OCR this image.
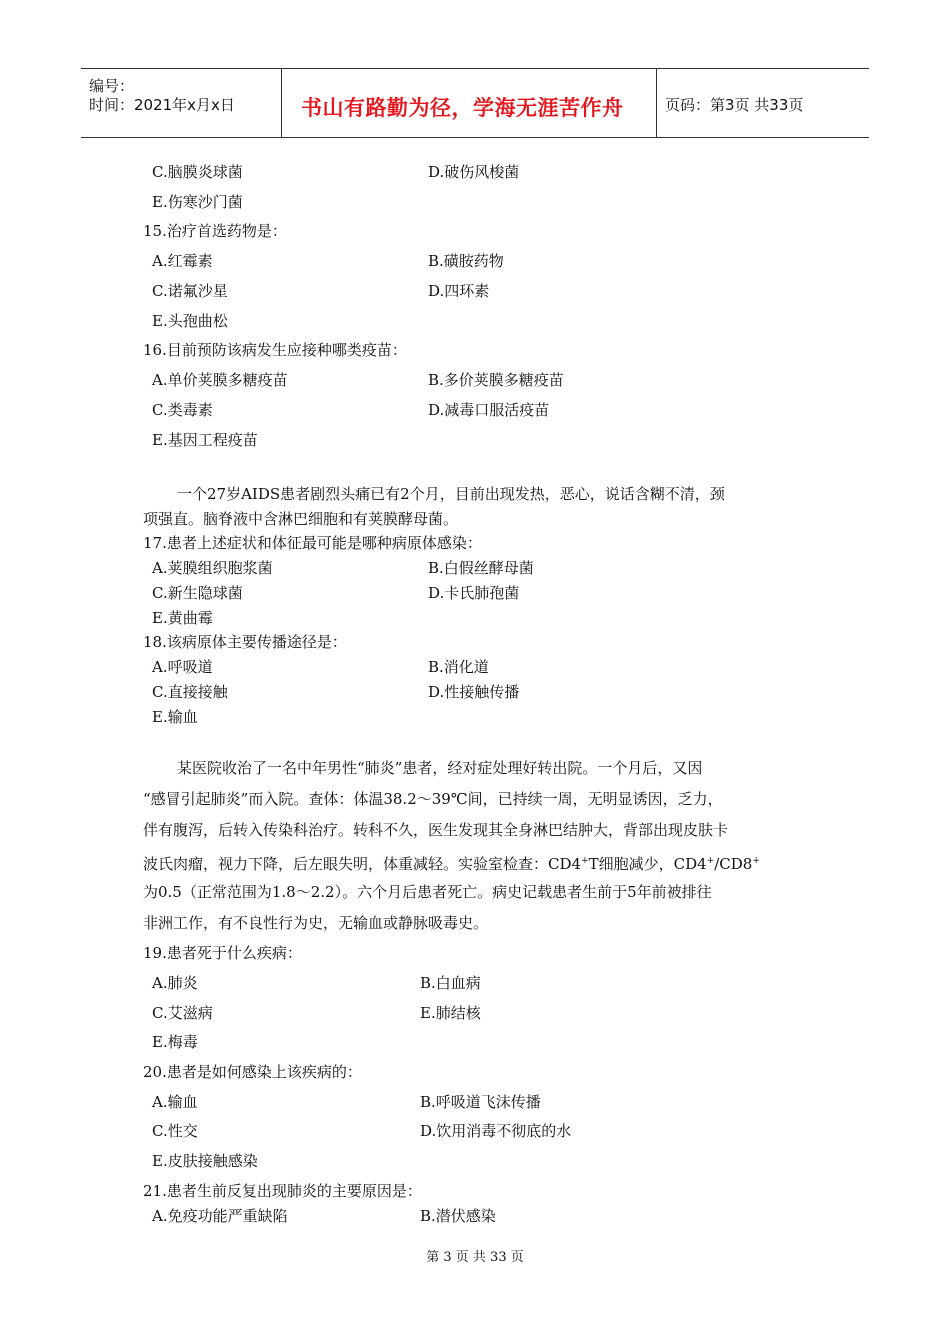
编号：
时间：2021年x月x日	书山有路勤为径，学海无涯苦作舟	页码：第3页 共33页
C.脑膜炎球菌	D.破伤风梭菌
E.伤寒沙门菌
15.治疗首选药物是：
A.红霉素	B.磺胺药物
C.诺氟沙星	D.四环素
E.头孢曲松
16.目前预防该病发生应接种哪类疫苗：
A.单价荚膜多糖疫苗	B.多价荚膜多糖疫苗
C.类毒素	D.减毒口服活疫苗
E.基因工程疫苗
一个27岁AIDS患者剧烈头痛已有2个月，目前出现发热，恶心，说话含糊不清，颈
项强直。脑脊液中含淋巴细胞和有荚膜酵母菌。
17.患者上述症状和体征最可能是哪种病原体感染：
A.荚膜组织胞浆菌	B.白假丝酵母菌
C.新生隐球菌	D.卡氏肺孢菌
E.黄曲霉
18.该病原体主要传播途径是：
A.呼吸道	B.消化道
C.直接接触	D.性接触传播
E.输血
某医院收治了一名中年男性“肺炎”患者，经对症处理好转出院。一个月后，又因
“感冒引起肺炎”而入院。查体：体温38.2～39℃间，已持续一周，无明显诱因，乏力，
伴有腹泻，后转入传染科治疗。转科不久，医生发现其全身淋巴结肿大，背部出现皮肤卡
波氏肉瘤，视力下降，后左眼失明，体重减轻。实验室检查：CD4+T细胞减少，CD4+/CD8+
为0.5（正常范围为1.8～2.2）。六个月后患者死亡。病史记载患者生前于5年前被排往
非洲工作，有不良性行为史，无输血或静脉吸毒史。
19.患者死于什么疾病：
A.肺炎	B.白血病
C.艾滋病	E.肺结核
E.梅毒
20.患者是如何感染上该疾病的：
A.输血	B.呼吸道飞沫传播
C.性交	D.饮用消毒不彻底的水
E.皮肤接触感染
21.患者生前反复出现肺炎的主要原因是：
A.免疫功能严重缺陷	B.潜伏感染
第 3 页 共 33 页
